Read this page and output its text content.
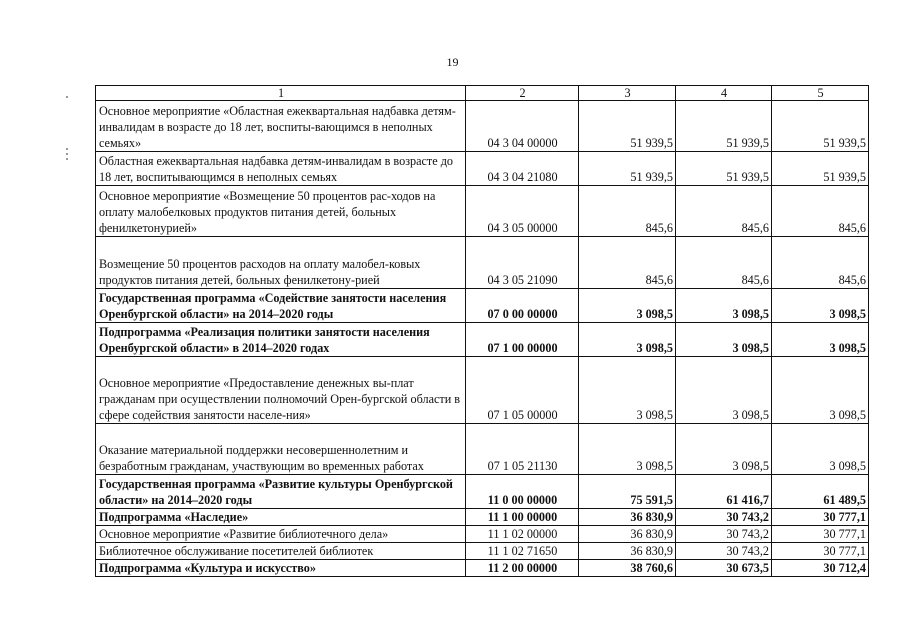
19
1	2	3	4	5
Основное мероприятие «Областная ежеквартальная надбавка детям-инвалидам в возрасте до 18 лет, воспиты-вающимся в неполных семьях»	04 3 04 00000	51 939,5	51 939,5	51 939,5
Областная ежеквартальная надбавка детям-инвалидам в возрасте до 18 лет, воспитывающимся в неполных семьях	04 3 04 21080	51 939,5	51 939,5	51 939,5
Основное мероприятие «Возмещение 50 процентов рас-ходов на оплату малобелковых продуктов питания детей, больных фенилкетонурией»	04 3 05 00000	845,6	845,6	845,6
Возмещение 50 процентов расходов на оплату малобел-ковых продуктов питания детей, больных фенилкетону-рией	04 3 05 21090	845,6	845,6	845,6
Государственная программа «Содействие занятости населения Оренбургской области» на 2014–2020 годы	07 0 00 00000	3 098,5	3 098,5	3 098,5
Подпрограмма «Реализация политики занятости населения Оренбургской области» в 2014–2020 годах	07 1 00 00000	3 098,5	3 098,5	3 098,5
Основное мероприятие «Предоставление денежных вы-плат гражданам при осуществлении полномочий Орен-бургской области в сфере содействия занятости населе-ния»	07 1 05 00000	3 098,5	3 098,5	3 098,5
Оказание материальной поддержки несовершеннолетним и безработным гражданам, участвующим во временных работах	07 1 05 21130	3 098,5	3 098,5	3 098,5
Государственная программа «Развитие культуры Оренбургской области» на 2014–2020 годы	11 0 00 00000	75 591,5	61 416,7	61 489,5
Подпрограмма «Наследие»	11 1 00 00000	36 830,9	30 743,2	30 777,1
Основное мероприятие «Развитие библиотечного дела»	11 1 02 00000	36 830,9	30 743,2	30 777,1
Библиотечное обслуживание посетителей библиотек	11 1 02 71650	36 830,9	30 743,2	30 777,1
Подпрограмма «Культура и искусство»	11 2 00 00000	38 760,6	30 673,5	30 712,4
